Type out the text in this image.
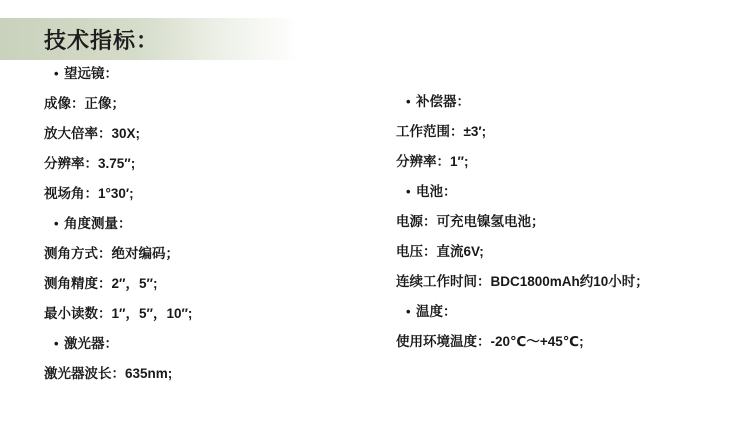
技术指标：
• 望远镜：
成像：正像；
放大倍率：30X;
分辨率：3.75″;
视场角：1°30′;
• 角度测量：
测角方式：绝对编码；
测角精度：2″，5″;
最小读数：1″，5″，10″;
• 激光器：
激光器波长：635nm;
• 补偿器：
工作范围：±3′;
分辨率：1″;
• 电池：
电源：可充电镍氢电池；
电压：直流6V;
连续工作时间：BDC1800mAh约10小时；
• 温度：
使用环境温度：-20℃～+45℃;
